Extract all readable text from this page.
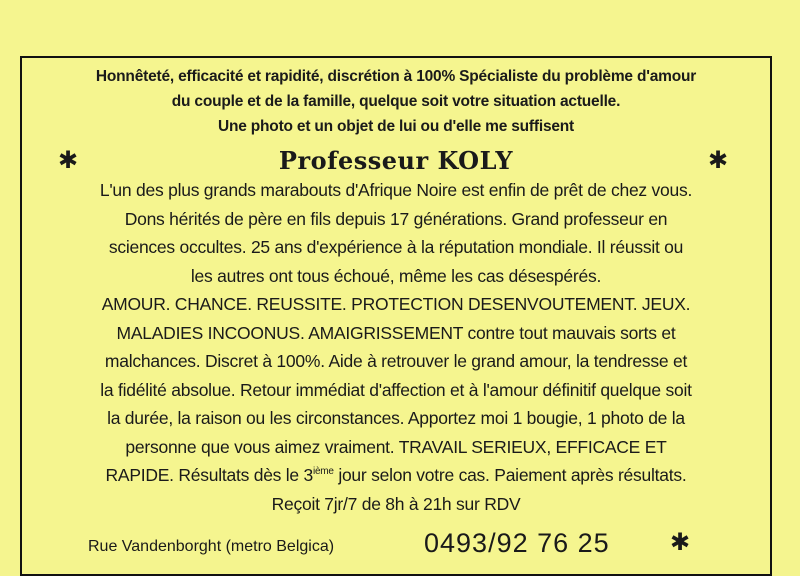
Honnêteté, efficacité et rapidité, discrétion à 100% Spécialiste du problème d'amour
du couple et de la famille, quelque soit votre situation actuelle.
Une photo et un objet de lui ou d'elle me suffisent
✱	Professeur KOLY	✱
L'un des plus grands marabouts d'Afrique Noire est enfin de prêt de chez vous.
Dons hérités de père en fils depuis 17 générations. Grand professeur en
sciences occultes. 25 ans d'expérience à la réputation mondiale. Il réussit ou
les autres ont tous échoué, même les cas désespérés.
AMOUR. CHANCE. REUSSITE. PROTECTION DESENVOUTEMENT. JEUX.
MALADIES INCOONUS. AMAIGRISSEMENT contre tout mauvais sorts et
malchances. Discret à 100%. Aide à retrouver le grand amour, la tendresse et
la fidélité absolue. Retour immédiat d'affection et à l'amour définitif quelque soit
la durée, la raison ou les circonstances. Apportez moi 1 bougie, 1 photo de la
personne que vous aimez vraiment. TRAVAIL SERIEUX, EFFICACE ET
RAPIDE. Résultats dès le 3ième jour selon votre cas. Paiement après résultats.
Reçoit 7jr/7 de 8h à 21h sur RDV
Rue Vandenborght (metro Belgica)	0493/92 76 25	✱
